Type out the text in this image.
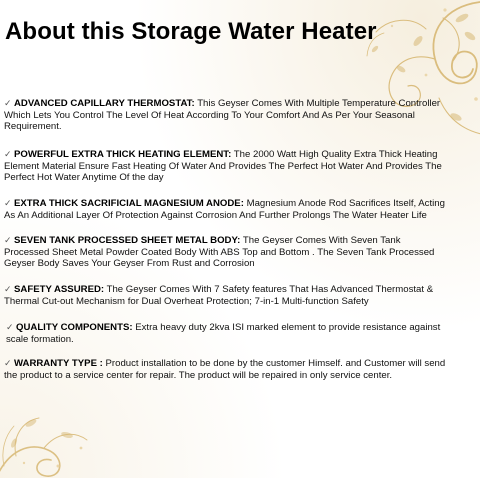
About this Storage Water Heater

✓ ADVANCED CAPILLARY THERMOSTAT: This Geyser Comes With Multiple Temperature Controller Which Lets You Control The Level Of Heat According To Your Comfort And As Per Your Seasonal Requirement.

✓ POWERFUL EXTRA THICK HEATING ELEMENT: The 2000 Watt High Quality Extra Thick Heating Element Material Ensure Fast Heating Of Water And Provides The Perfect Hot Water And Provides The Perfect Hot Water Anytime Of the day

✓ EXTRA THICK SACRIFICIAL MAGNESIUM ANODE: Magnesium Anode Rod Sacrifices Itself, Acting As An Additional Layer Of Protection Against Corrosion And Further Prolongs The Water Heater Life

✓ SEVEN TANK PROCESSED SHEET METAL BODY: The Geyser Comes With Seven Tank Processed Sheet Metal Powder Coated Body With ABS Top and Bottom . The Seven Tank Processed Geyser Body Saves Your Geyser From Rust and Corrosion

✓ SAFETY ASSURED: The Geyser Comes With 7 Safety features That Has Advanced Thermostat & Thermal Cut-out Mechanism for Dual Overheat Protection; 7-in-1 Multi-function Safety

✓ QUALITY COMPONENTS: Extra heavy duty 2kva ISI marked element to provide resistance against scale formation.

✓ WARRANTY TYPE : Product installation to be done by the customer Himself. and Customer will send the product to a service center for repair. The product will be repaired in only service center.
